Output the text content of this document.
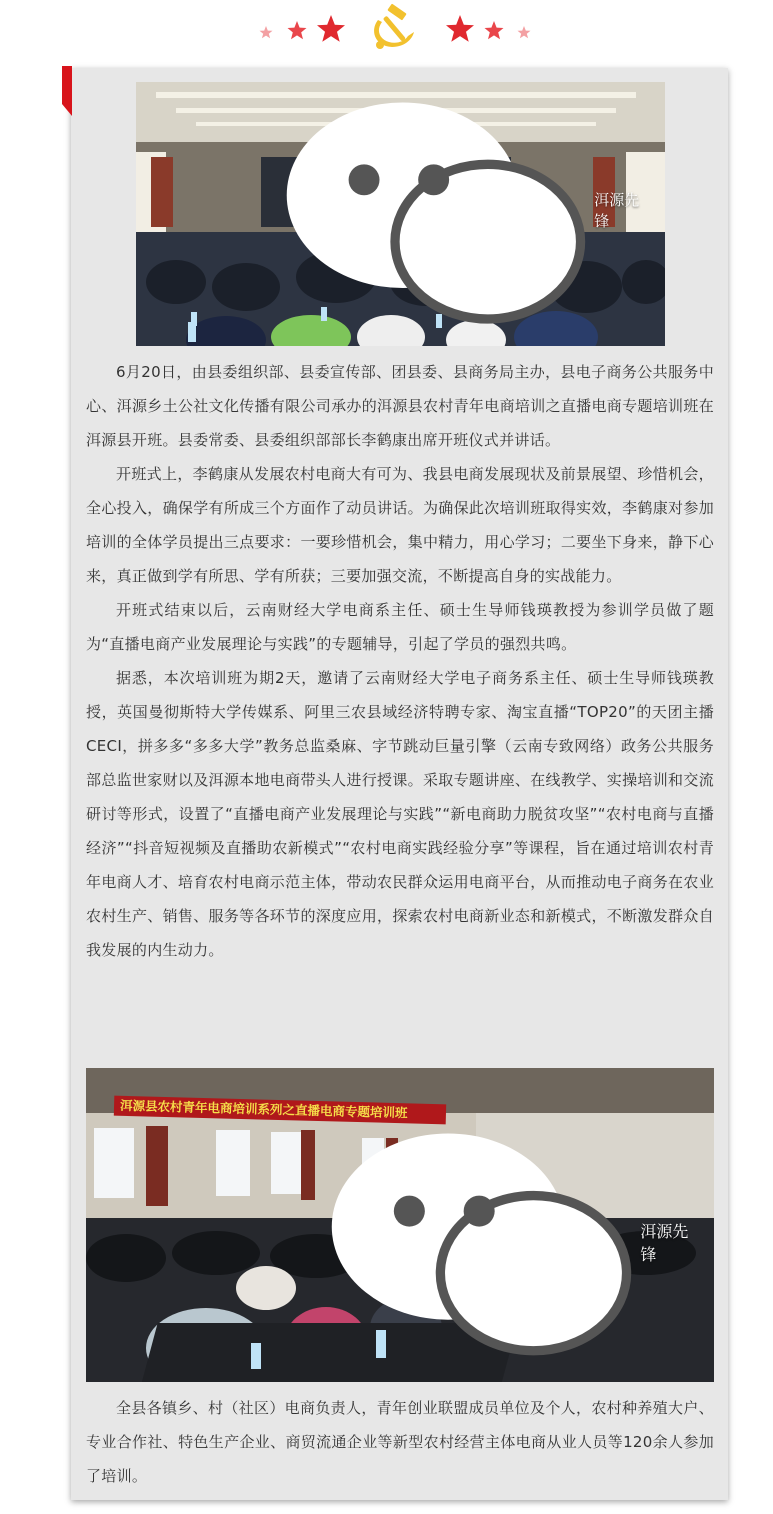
洱源先锋

6月20日，由县委组织部、县委宣传部、团县委、县商务局主办，县电子商务公共服务中心、洱源乡土公社文化传播有限公司承办的洱源县农村青年电商培训之直播电商专题培训班在洱源县开班。县委常委、县委组织部部长李鹤康出席开班仪式并讲话。

开班式上，李鹤康从发展农村电商大有可为、我县电商发展现状及前景展望、珍惜机会，全心投入，确保学有所成三个方面作了动员讲话。为确保此次培训班取得实效，李鹤康对参加培训的全体学员提出三点要求：一要珍惜机会，集中精力，用心学习；二要坐下身来，静下心来，真正做到学有所思、学有所获；三要加强交流，不断提高自身的实战能力。

开班式结束以后，云南财经大学电商系主任、硕士生导师钱瑛教授为参训学员做了题为“直播电商产业发展理论与实践”的专题辅导，引起了学员的强烈共鸣。

据悉，本次培训班为期2天，邀请了云南财经大学电子商务系主任、硕士生导师钱瑛教授，英国曼彻斯特大学传媒系、阿里三农县域经济特聘专家、淘宝直播“TOP20”的天团主播CECI，拼多多“多多大学”教务总监桑麻、字节跳动巨量引擎（云南专致网络）政务公共服务部总监世家财以及洱源本地电商带头人进行授课。采取专题讲座、在线教学、实操培训和交流研讨等形式，设置了“直播电商产业发展理论与实践”“新电商助力脱贫攻坚”“农村电商与直播经济”“抖音短视频及直播助农新模式”“农村电商实践经验分享”等课程，旨在通过培训农村青年电商人才、培育农村电商示范主体，带动农民群众运用电商平台，从而推动电子商务在农业农村生产、销售、服务等各环节的深度应用，探索农村电商新业态和新模式，不断激发群众自我发展的内生动力。

洱源县农村青年电商培训系列之直播电商专题培训班
洱源先锋

全县各镇乡、村（社区）电商负责人，青年创业联盟成员单位及个人，农村种养殖大户、专业合作社、特色生产企业、商贸流通企业等新型农村经营主体电商从业人员等120余人参加了培训。
